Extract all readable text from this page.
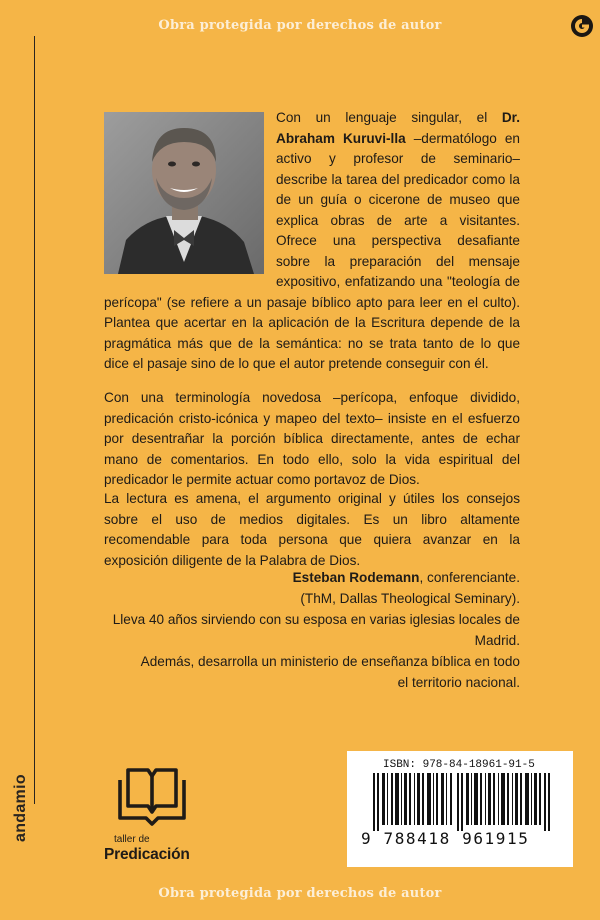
Obra protegida por derechos de autor
andamio
Con un lenguaje singular, el Dr. Abraham Kuruvi-lla –dermatólogo en activo y profesor de seminario– describe la tarea del predicador como la de un guía o cicerone de museo que explica obras de arte a visitantes. Ofrece una perspectiva desafiante sobre la preparación del mensaje expositivo, enfatizando una "teología de perícopa" (se refiere a un pasaje bíblico apto para leer en el culto). Plantea que acertar en la aplicación de la Escritura depende de la pragmática más que de la semántica: no se trata tanto de lo que dice el pasaje sino de lo que el autor pretende conseguir con él.
Con una terminología novedosa –perícopa, enfoque dividido, predicación cristo-icónica y mapeo del texto– insiste en el esfuerzo por desentrañar la porción bíblica directamente, antes de echar mano de comentarios. En todo ello, solo la vida espiritual del predicador le permite actuar como portavoz de Dios.
La lectura es amena, el argumento original y útiles los consejos sobre el uso de medios digitales. Es un libro altamente recomendable para toda persona que quiera avanzar en la exposición diligente de la Palabra de Dios.
Esteban Rodemann, conferenciante.
(ThM, Dallas Theological Seminary).
Lleva 40 años sirviendo con su esposa en varias iglesias locales de Madrid.
Además, desarrolla un ministerio de enseñanza bíblica en todo
el territorio nacional.
taller de
Predicación
ISBN: 978-84-18961-91-5
9 788418 961915
Obra protegida por derechos de autor
